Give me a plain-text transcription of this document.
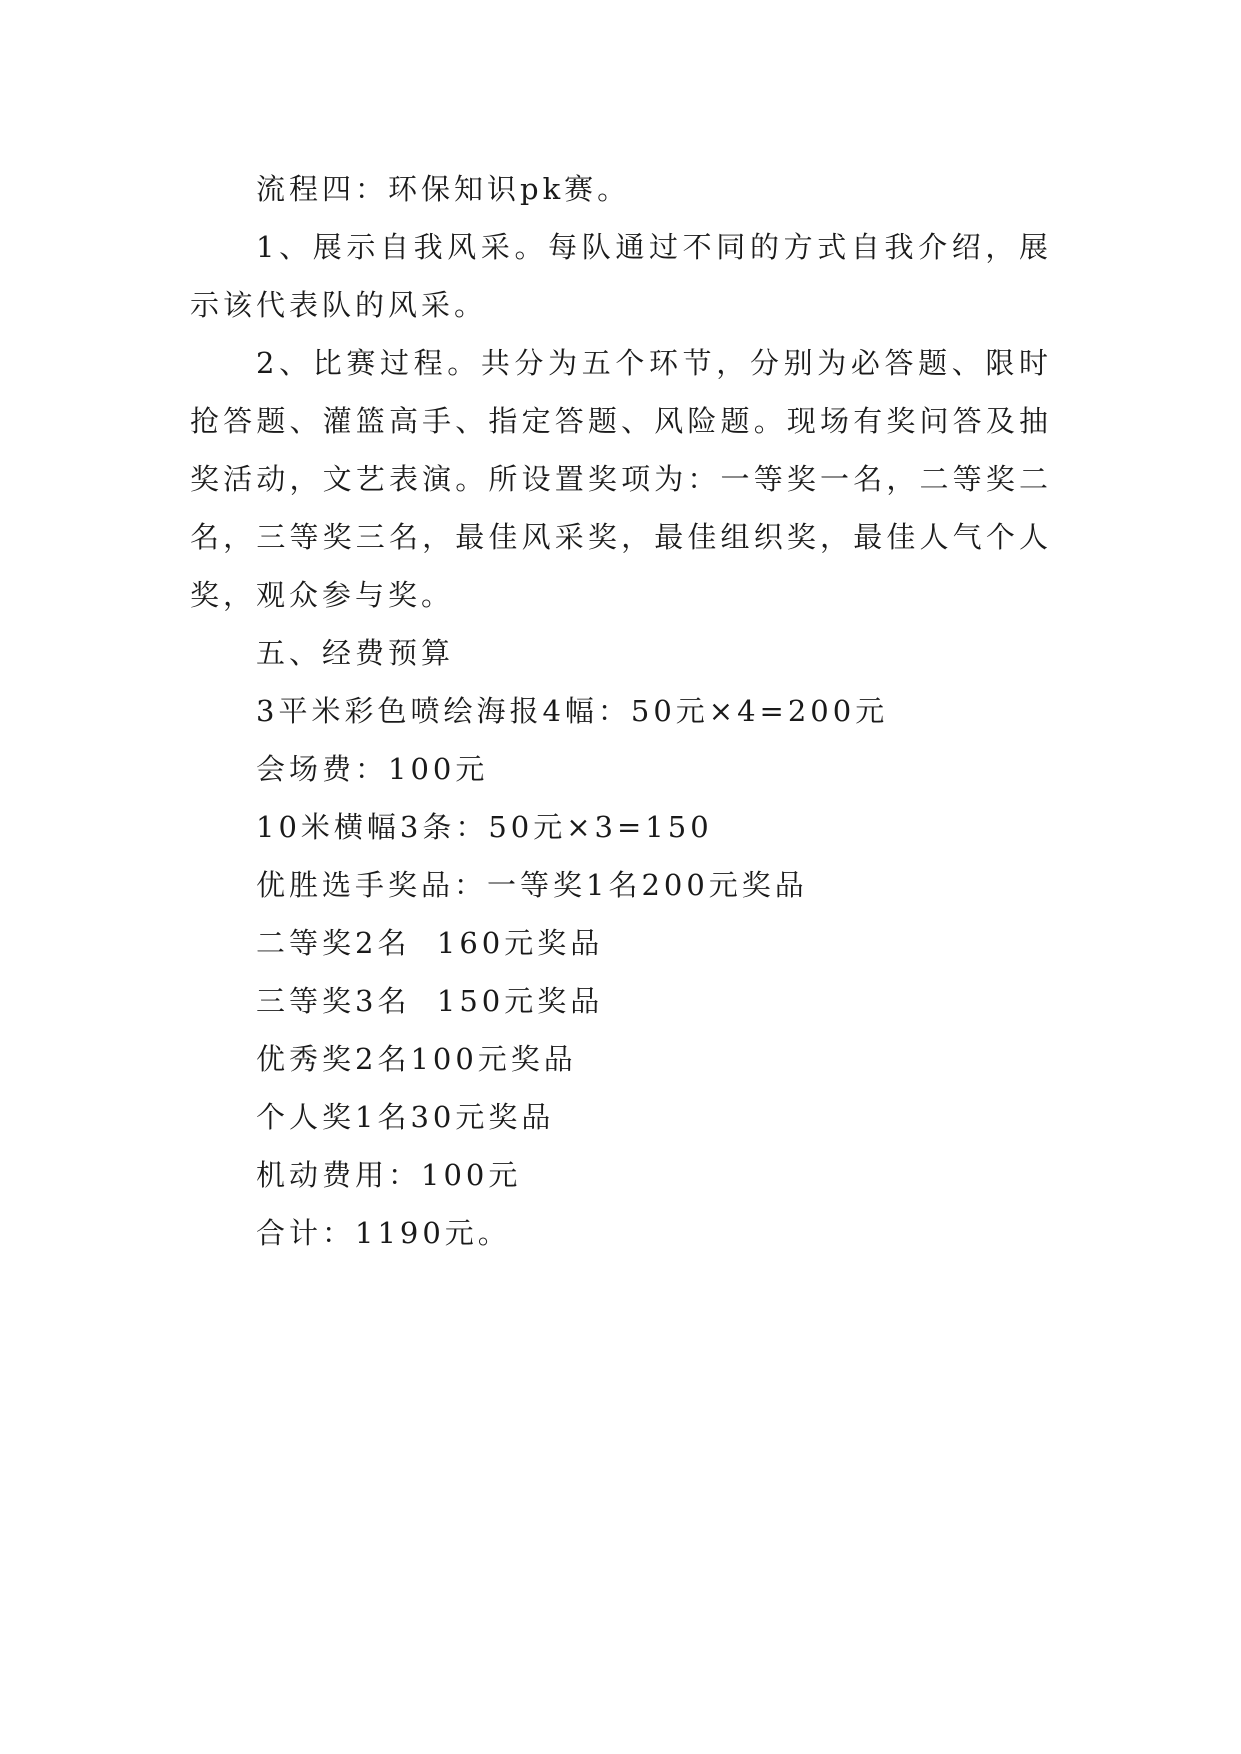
流程四：环保知识pk赛。

1、展示自我风采。每队通过不同的方式自我介绍，展示该代表队的风采。

2、比赛过程。共分为五个环节，分别为必答题、限时抢答题、灌篮高手、指定答题、风险题。现场有奖问答及抽奖活动，文艺表演。所设置奖项为：一等奖一名，二等奖二名，三等奖三名，最佳风采奖，最佳组织奖，最佳人气个人奖，观众参与奖。

五、经费预算

3平米彩色喷绘海报4幅：50元×4=200元

会场费：100元

10米横幅3条：50元×3=150

优胜选手奖品：一等奖1名200元奖品

二等奖2名  160元奖品

三等奖3名  150元奖品

优秀奖2名100元奖品

个人奖1名30元奖品

机动费用：100元

合计：1190元。
